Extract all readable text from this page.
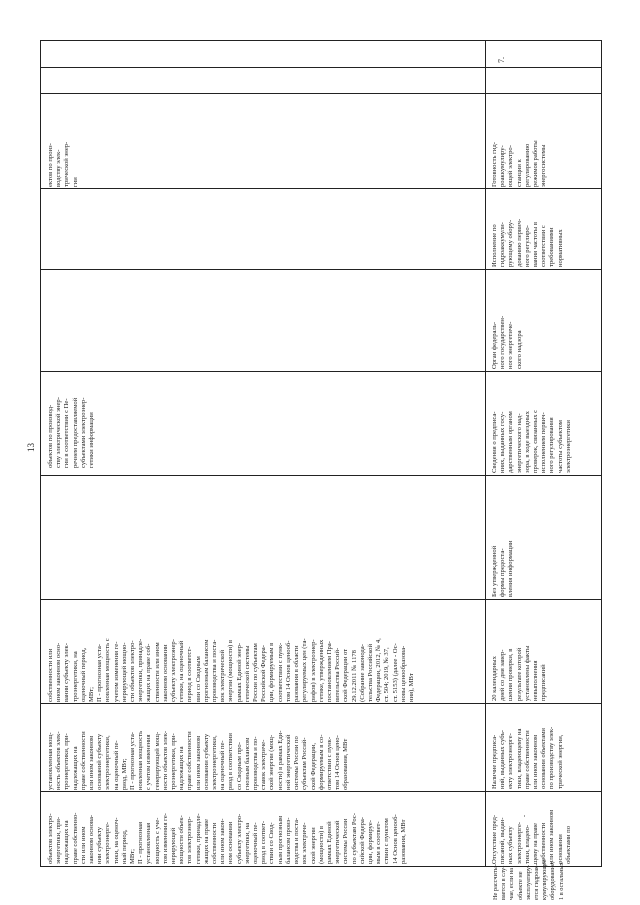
13
ектов по произ-
водству элек-
трической энер-
гии
объектов по производ-
ству электрической энер-
гии в соответствии с Пе-
речнем предоставляемой
субъектами электроэнер-
гетики информации
собственности или
ином законном осно-
вании субъекту элек-
троэнергетики, на
оценочный период,
МВт;
П - прогнозная уста-
новленная мощность с
учетом изменения ге-
нерирующей мощно-
сти объектов электро-
энергетики, принадле-
жащих на праве соб-
ственности или ином
законном основании
субъекту электроэнер-
гетики, на оценочный
период в соответст-
вии со Сводным
прогнозным балансом
производства и поста-
вок электрической
энергии (мощности) в
рамках Единой энер-
гетической системы
России по субъектам
Российской Федера-
ции, формируемым в
соответствии с пунк-
том 14 Основ ценооб-
разования в области
регулируемых цен (та-
рифов) в электроэнер-
гетике, утвержденных
постановлением Пра-
вительства Россий-
ской Федерации от
29.12.2011 № 1178
(Собрание законода-
тельства Российской
Федерации, 2012, № 4,
ст. 504; 2019, № 37,
ст. 5153) (далее - Ос-
новы ценообразова-
ния), МВт
установленная мощ-
ность объектов элек-
троэнергетики, при-
надлежащих на
праве собственности
или ином законном
оснований субъекту
электроэнергетики,
на оценочный пе-
риод, МВт;
П - прогнозная уста-
новленная мощность
с учетом изменения
генерирующей мощ-
ности объектов элек-
троэнергетики, при-
надлежащих на
праве собственности
или ином законном
основании субъекту
электроэнергетики,
на оценочный пе-
риод в соответствии
со Сводным про-
гнозным балансом
производства и по-
ставок электриче-
ской энергии (мощ-
ности) в рамках Еди-
ной энергетической
системы России по
субъектам Россий-
ской Федерации,
формируемым в со-
ответствии с пунк-
том 14 Основ цено-
образования, МВт
объектов электро-
энергетики, при-
надлежащих на
праве собственно-
сти или ином
законном основа-
нии субъекту
электроэнерге-
тики, на оценоч-
ный период,
МВт;
П - прогнозная
установленная
мощность с уче-
том изменения ге-
нерирующей
мощности объек-
тов электроэнер-
гетики, принадле-
жащих на праве
собственности
или ином закон-
ном основании
субъекту электро-
энергетики, на
оценочный пе-
риод в соответ-
ствии со Свод-
ным прогнозным
балансом произ-
водства и поста-
вок электриче-
ской энергии
(мощности) в
рамках Единой
энергетической
системы России
по субъектам Рос-
сийской Федера-
ции, формируе-
мым в соответ-
ствии с пунктом
14 Основ ценооб-
разования, МВт
7.
Готовность гид-
роаккумулиру-
ющей электро-
станции к
регулированию
режимов работы
энергосистемы
Исполнение по
гидроаккумули-
рующему обору-
дованию первич-
ного регулиро-
вания частоты в
соответствии с
требованиями
нормативных
Орган федераль-
ного государствен-
ного энергетиче-
ского надзора
Сведения о предписа-
ниях, выданных госу-
дарственным органом
энергетического над-
зора, в ходе выездных
проверок, связанных с
исполнением первич-
ного регулирования
частоты субъектом
электроэнергетики
Без утвержденной
формы предоста-
вления информации
20 календарных
дней со дня завер-
шения проверки, в
результате которой
установлены факты
невыполнения
предписаний
Наличие предписа-
ний, выданных субъ-
екту электроэнерге-
тики, владеющему на
праве собственности
или ином законном
основании объектами
по производству элек-
трической энергии,
-
Отсутствие пред-
писаний, выдан-
ных субъекту
электроэнерге-
тики, владею-
щему на праве
собственности
или ином законном
основании
объектами по
Не рассчиты-
вается в слу-
чае, если на
объекте не
эксплуатиру-
ется гидроак-
кумулирующее
оборудование;
1 в остальных
